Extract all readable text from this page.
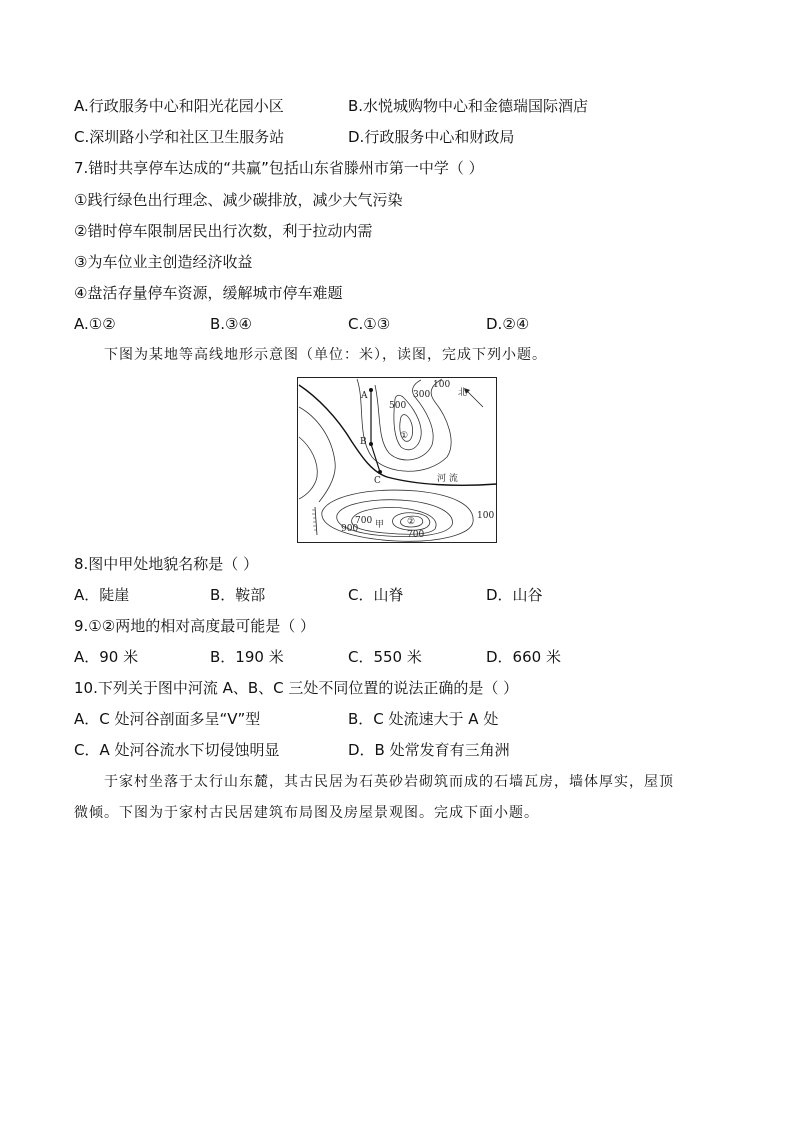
A.行政服务中心和阳光花园小区	B.水悦城购物中心和金德瑞国际酒店
C.深圳路小学和社区卫生服务站	D.行政服务中心和财政局
7.错时共享停车达成的“共赢”包括山东省滕州市第一中学（ ）
①践行绿色出行理念、减少碳排放，减少大气污染
②错时停车限制居民出行次数，利于拉动内需
③为车位业主创造经济收益
④盘活存量停车资源，缓解城市停车难题
A.①②	B.③④	C.①③	D.②④
下图为某地等高线地形示意图（单位：米），读图，完成下列小题。
北
100
300
500
①
A
B
C	河 流
700 甲	②
700
900
100
8.图中甲处地貌名称是（ ）
A．陡崖	B．鞍部	C．山脊	D．山谷
9.①②两地的相对高度最可能是（ ）
A．90 米	B．190 米	C．550 米	D．660 米
10.下列关于图中河流 A、B、C 三处不同位置的说法正确的是（ ）
A．C 处河谷剖面多呈“V”型	B．C 处流速大于 A 处
C．A 处河谷流水下切侵蚀明显	D．B 处常发育有三角洲
于家村坐落于太行山东麓，其古民居为石英砂岩砌筑而成的石墙瓦房，墙体厚实，屋顶
微倾。下图为于家村古民居建筑布局图及房屋景观图。完成下面小题。
